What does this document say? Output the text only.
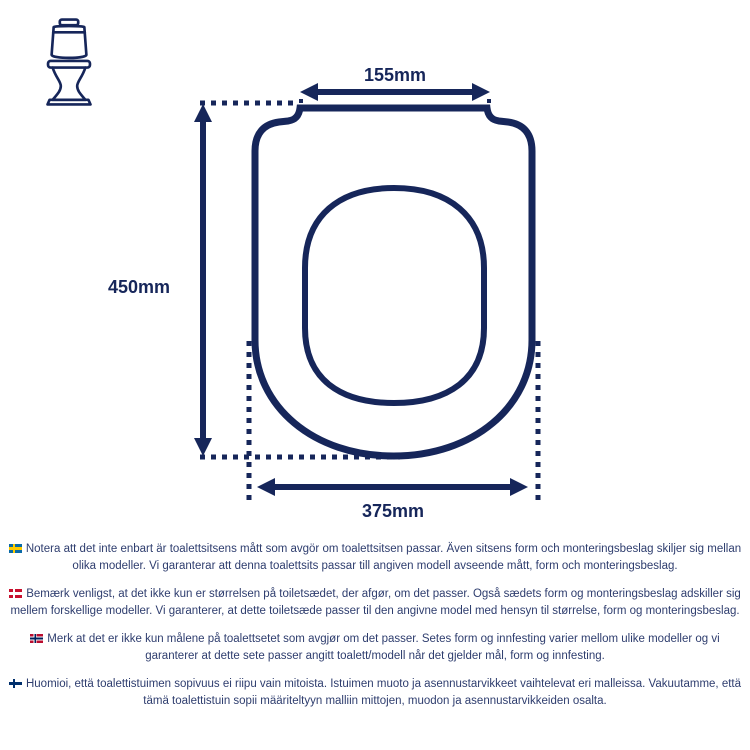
155mm
450mm
375mm

Notera att det inte enbart är toalettsitsens mått som avgör om toalettsitsen passar. Även sitsens form och monteringsbeslag skiljer sig mellan olika modeller. Vi garanterar att denna toalettsits passar till angiven modell avseende mått, form och monteringsbeslag.

Bemærk venligst, at det ikke kun er størrelsen på toiletsædet, der afgør, om det passer. Også sædets form og monteringsbeslag adskiller sig mellem forskellige modeller. Vi garanterer, at dette toiletsæde passer til den angivne model med hensyn til størrelse, form og monteringsbeslag.

Merk at det er ikke kun målene på toalettsetet som avgjør om det passer. Setes form og innfesting varier mellom ulike modeller og vi garanterer at dette sete passer angitt toalett/modell når det gjelder mål, form og innfesting.

Huomioi, että toalettistuimen sopivuus ei riipu vain mitoista. Istuimen muoto ja asennustarvikkeet vaihtelevat eri malleissa. Vakuutamme, että tämä toalettistuin sopii määriteltyyn malliin mittojen, muodon ja asennustarvikkeiden osalta.
